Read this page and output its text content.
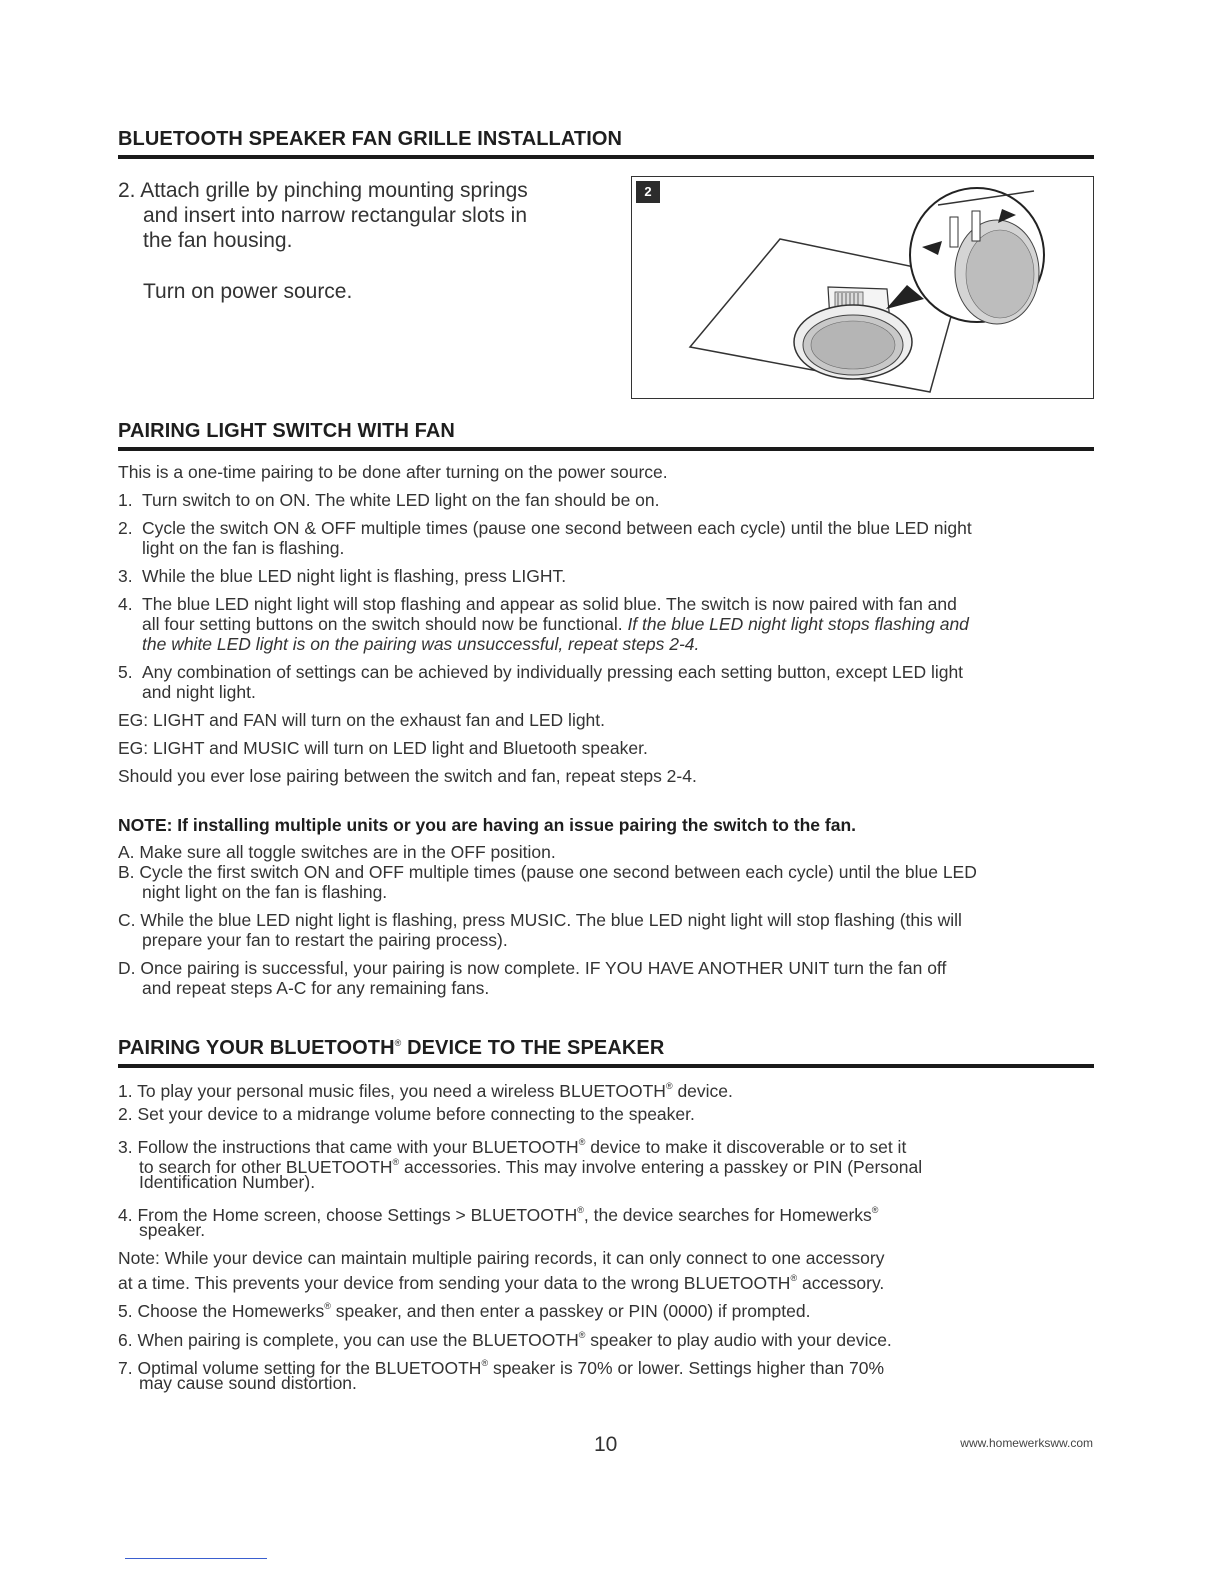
BLUETOOTH SPEAKER FAN GRILLE INSTALLATION
2. Attach grille by pinching mounting springs
and insert into narrow rectangular slots in
the fan housing.
Turn on power source.
2
PAIRING LIGHT SWITCH WITH FAN
This is a one-time pairing to be done after turning on the power source.
1. Turn switch to on ON. The white LED light on the fan should be on.
2. Cycle the switch ON & OFF multiple times (pause one second between each cycle) until the blue LED night
light on the fan is flashing.
3. While the blue LED night light is flashing, press LIGHT.
4. The blue LED night light will stop flashing and appear as solid blue. The switch is now paired with fan and
all four setting buttons on the switch should now be functional. If the blue LED night light stops flashing and
the white LED light is on the pairing was unsuccessful, repeat steps 2-4.
5. Any combination of settings can be achieved by individually pressing each setting button, except LED light
and night light.
EG: LIGHT and FAN will turn on the exhaust fan and LED light.
EG: LIGHT and MUSIC will turn on LED light and Bluetooth speaker.
Should you ever lose pairing between the switch and fan, repeat steps 2-4.
NOTE: If installing multiple units or you are having an issue pairing the switch to the fan.
A. Make sure all toggle switches are in the OFF position.
B. Cycle the first switch ON and OFF multiple times (pause one second between each cycle) until the blue LED
night light on the fan is flashing.
C. While the blue LED night light is flashing, press MUSIC. The blue LED night light will stop flashing (this will
prepare your fan to restart the pairing process).
D. Once pairing is successful, your pairing is now complete. IF YOU HAVE ANOTHER UNIT turn the fan off
and repeat steps A-C for any remaining fans.
PAIRING YOUR BLUETOOTH® DEVICE TO THE SPEAKER
1. To play your personal music files, you need a wireless BLUETOOTH® device.
2. Set your device to a midrange volume before connecting to the speaker.
3. Follow the instructions that came with your BLUETOOTH® device to make it discoverable or to set it
to search for other BLUETOOTH® accessories. This may involve entering a passkey or PIN (Personal
Identification Number).
4. From the Home screen, choose Settings > BLUETOOTH®, the device searches for Homewerks®
speaker.
Note: While your device can maintain multiple pairing records, it can only connect to one accessory
at a time. This prevents your device from sending your data to the wrong BLUETOOTH® accessory.
5. Choose the Homewerks® speaker, and then enter a passkey or PIN (0000) if prompted.
6. When pairing is complete, you can use the BLUETOOTH® speaker to play audio with your device.
7. Optimal volume setting for the BLUETOOTH® speaker is 70% or lower. Settings higher than 70%
may cause sound distortion.
10	www.homewerksww.com
